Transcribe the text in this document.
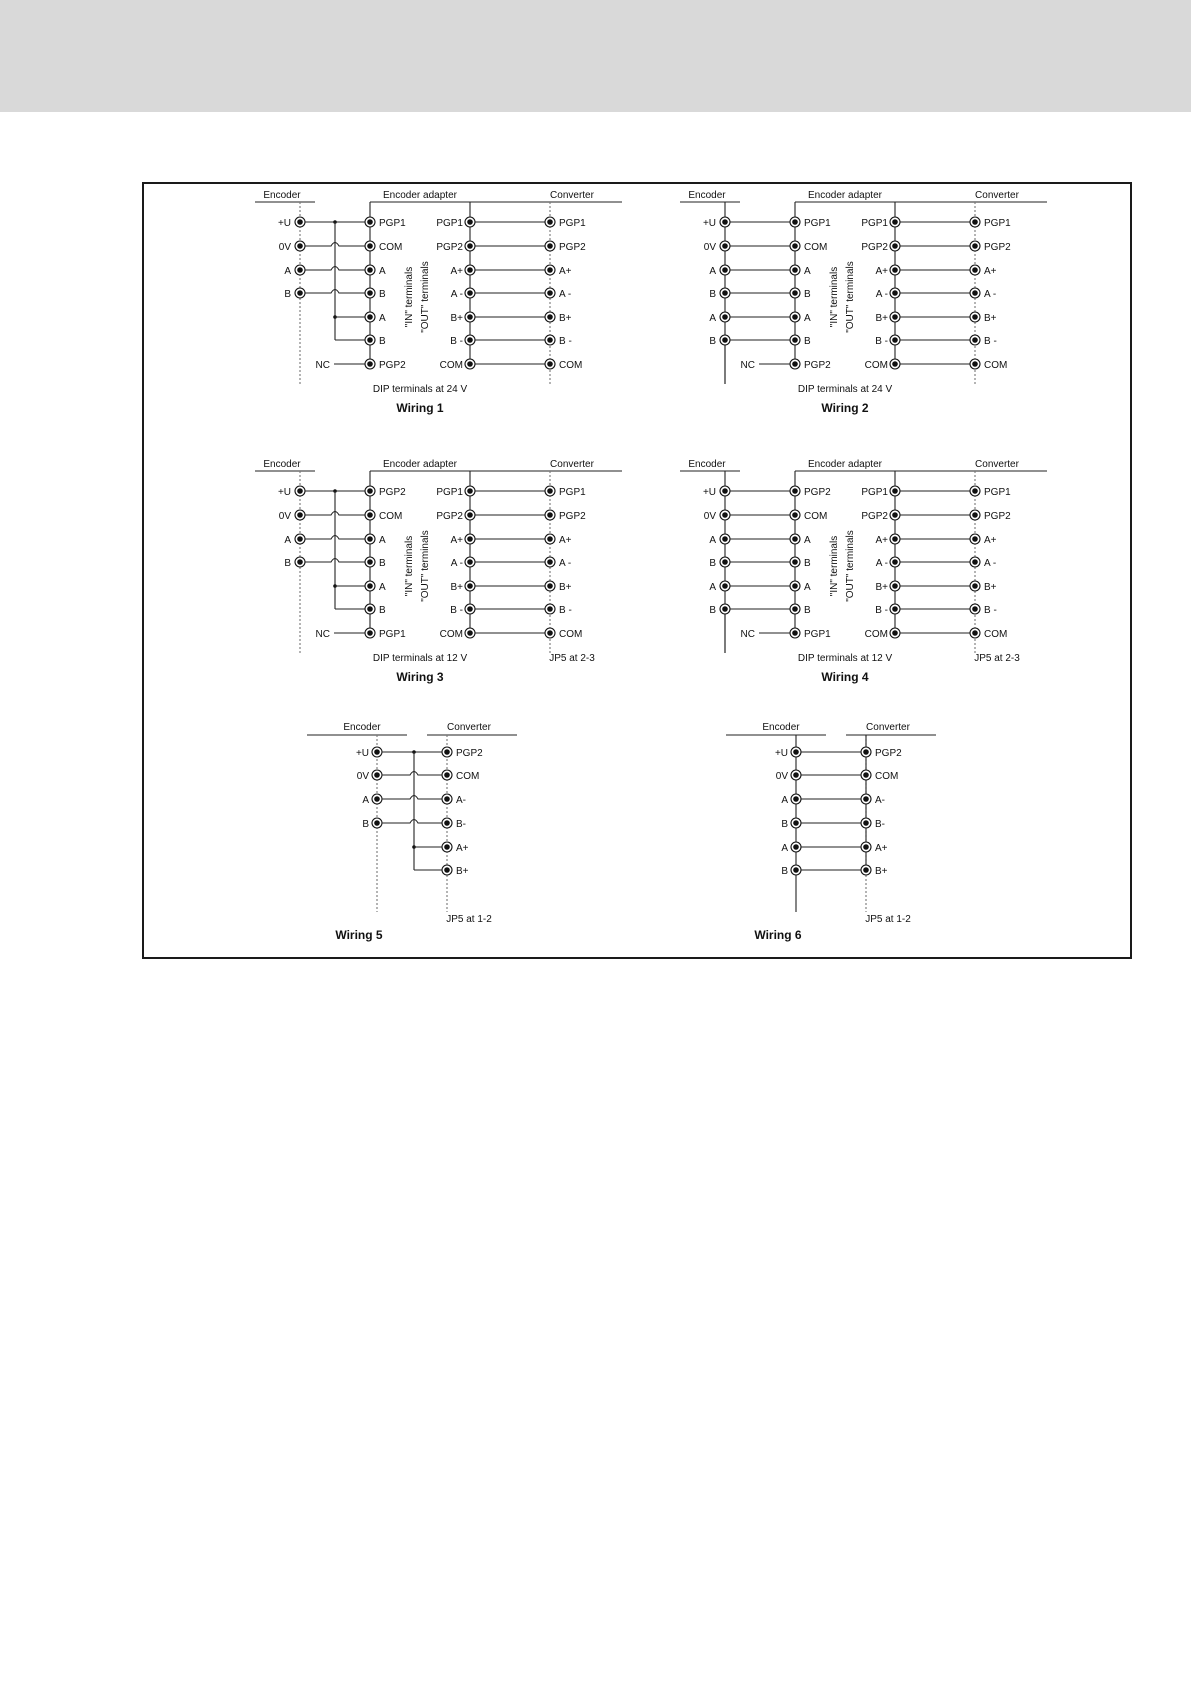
Encoder	Encoder adapter	Converter
"IN" terminals "OUT" terminals
+U
0V
A
B
PGP1
COM
A
B
A
B
PGP2
NC
PGP1	PGP1
PGP2	PGP2
A+	A+
A -	A -
B+	B+
B -	B -
COM	COM
DIP terminals at 24 V
Wiring 1
Encoder	Encoder adapter	Converter
"IN" terminals "OUT" terminals
+U
0V
A
B
A
B
PGP1
COM
A
B
A
B
PGP2
NC
PGP1	PGP1
PGP2	PGP2
A+	A+
A -	A -
B+	B+
B -	B -
COM	COM
DIP terminals at 24 V
Wiring 2
Encoder	Encoder adapter	Converter
"IN" terminals "OUT" terminals
+U
0V
A
B
PGP2
COM
A
B
A
B
PGP1
NC
PGP1	PGP1
PGP2	PGP2
A+	A+
A -	A -
B+	B+
B -	B -
COM	COM
DIP terminals at 12 V	JP5 at 2-3
Wiring 3
Encoder	Encoder adapter	Converter
"IN" terminals "OUT" terminals
+U
0V
A
B
A
B
PGP2
COM
A
B
A
B
PGP1
NC
PGP1	PGP1
PGP2	PGP2
A+	A+
A -	A -
B+	B+
B -	B -
COM	COM
DIP terminals at 12 V	JP5 at 2-3
Wiring 4
Encoder	Converter
+U
0V
A
B
PGP2
COM
A-
B-
A+
B+
JP5 at 1-2
Wiring 5
Encoder	Converter
+U
0V
A
B
A
B
PGP2
COM
A-
B-
A+
B+
JP5 at 1-2
Wiring 6
